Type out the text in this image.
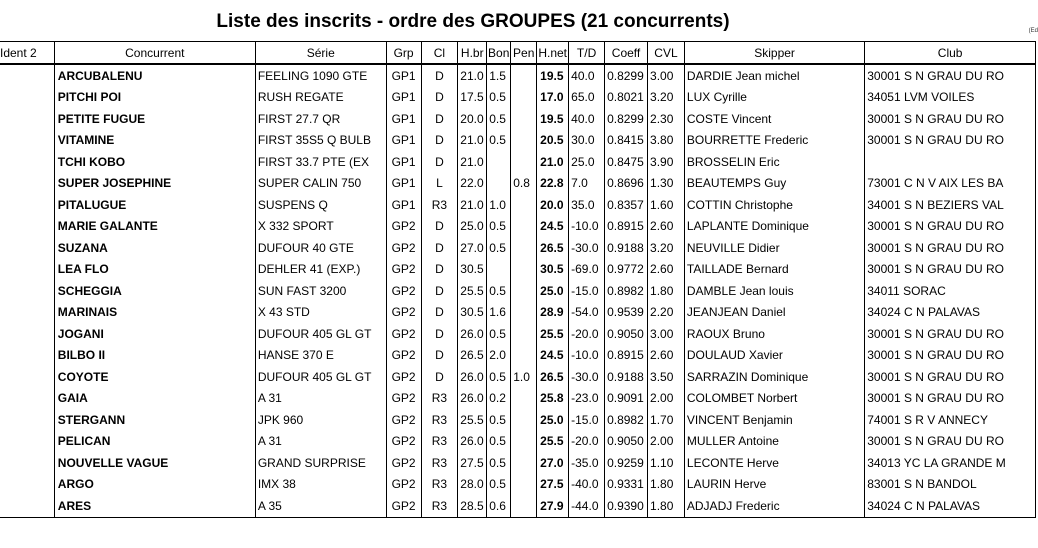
Liste des inscrits - ordre des GROUPES (21 concurrents)	(Ed
Ident 2	Concurrent	Série	Grp	Cl	H.br	Bon	Pen	H.net	T/D	Coeff	CVL	Skipper	Club
	ARCUBALENU	FEELING 1090 GTE	GP1	D	21.0	1.5		19.5	40.0	0.8299	3.00	DARDIE Jean michel	30001 S N GRAU DU RO
	PITCHI POI	RUSH REGATE	GP1	D	17.5	0.5		17.0	65.0	0.8021	3.20	LUX Cyrille	34051 LVM VOILES
	PETITE FUGUE	FIRST 27.7 QR	GP1	D	20.0	0.5		19.5	40.0	0.8299	2.30	COSTE Vincent	30001 S N GRAU DU RO
	VITAMINE	FIRST 35S5 Q BULB	GP1	D	21.0	0.5		20.5	30.0	0.8415	3.80	BOURRETTE Frederic	30001 S N GRAU DU RO
	TCHI KOBO	FIRST 33.7 PTE (EX	GP1	D	21.0			21.0	25.0	0.8475	3.90	BROSSELIN Eric	
	SUPER JOSEPHINE	SUPER CALIN 750	GP1	L	22.0		0.8	22.8	7.0	0.8696	1.30	BEAUTEMPS Guy	73001 C N V AIX LES BA
	PITALUGUE	SUSPENS Q	GP1	R3	21.0	1.0		20.0	35.0	0.8357	1.60	COTTIN Christophe	34001 S N BEZIERS VAL
	MARIE GALANTE	X 332 SPORT	GP2	D	25.0	0.5		24.5	-10.0	0.8915	2.60	LAPLANTE Dominique	30001 S N GRAU DU RO
	SUZANA	DUFOUR 40 GTE	GP2	D	27.0	0.5		26.5	-30.0	0.9188	3.20	NEUVILLE Didier	30001 S N GRAU DU RO
	LEA FLO	DEHLER 41 (EXP.)	GP2	D	30.5			30.5	-69.0	0.9772	2.60	TAILLADE Bernard	30001 S N GRAU DU RO
	SCHEGGIA	SUN FAST 3200	GP2	D	25.5	0.5		25.0	-15.0	0.8982	1.80	DAMBLE Jean louis	34011 SORAC
	MARINAIS	X 43 STD	GP2	D	30.5	1.6		28.9	-54.0	0.9539	2.20	JEANJEAN Daniel	34024 C N PALAVAS
	JOGANI	DUFOUR 405 GL GT	GP2	D	26.0	0.5		25.5	-20.0	0.9050	3.00	RAOUX Bruno	30001 S N GRAU DU RO
	BILBO II	HANSE 370 E	GP2	D	26.5	2.0		24.5	-10.0	0.8915	2.60	DOULAUD Xavier	30001 S N GRAU DU RO
	COYOTE	DUFOUR 405 GL GT	GP2	D	26.0	0.5	1.0	26.5	-30.0	0.9188	3.50	SARRAZIN Dominique	30001 S N GRAU DU RO
	GAIA	A 31	GP2	R3	26.0	0.2		25.8	-23.0	0.9091	2.00	COLOMBET Norbert	30001 S N GRAU DU RO
	STERGANN	JPK 960	GP2	R3	25.5	0.5		25.0	-15.0	0.8982	1.70	VINCENT Benjamin	74001 S R V ANNECY
	PELICAN	A 31	GP2	R3	26.0	0.5		25.5	-20.0	0.9050	2.00	MULLER Antoine	30001 S N GRAU DU RO
	NOUVELLE VAGUE	GRAND SURPRISE	GP2	R3	27.5	0.5		27.0	-35.0	0.9259	1.10	LECONTE Herve	34013 YC LA GRANDE M
	ARGO	IMX 38	GP2	R3	28.0	0.5		27.5	-40.0	0.9331	1.80	LAURIN Herve	83001 S N BANDOL
	ARES	A 35	GP2	R3	28.5	0.6		27.9	-44.0	0.9390	1.80	ADJADJ Frederic	34024 C N PALAVAS
